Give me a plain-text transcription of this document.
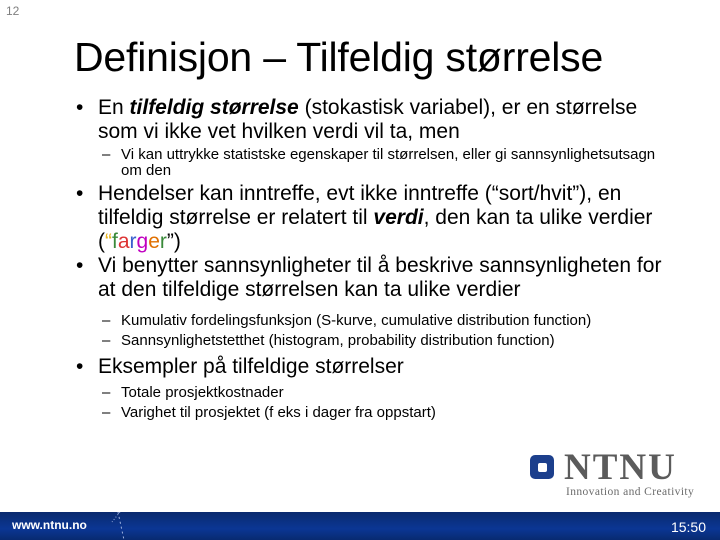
12
Definisjon – Tilfeldig størrelse

• En tilfeldig størrelse (stokastisk variabel), er en størrelse som vi ikke vet hvilken verdi vil ta, men

– Vi kan uttrykke statistske egenskaper til størrelsen, eller gi sannsynlighetsutsagn om den

• Hendelser kan inntreffe, evt ikke inntreffe (“sort/hvit”), en tilfeldig størrelse er relatert til verdi, den kan ta ulike verdier (“farger”)

• Vi benytter sannsynligheter til å beskrive sannsynligheten for at den tilfeldige størrelsen kan ta ulike verdier

– Kumulativ fordelingsfunksjon (S-kurve, cumulative distribution function)

– Sannsynlighetstetthet (histogram, probability distribution function)

• Eksempler på tilfeldige størrelser

– Totale prosjektkostnader

– Varighet til prosjektet (f eks i dager fra oppstart)

NTNU
Innovation and Creativity
www.ntnu.no	15:50
